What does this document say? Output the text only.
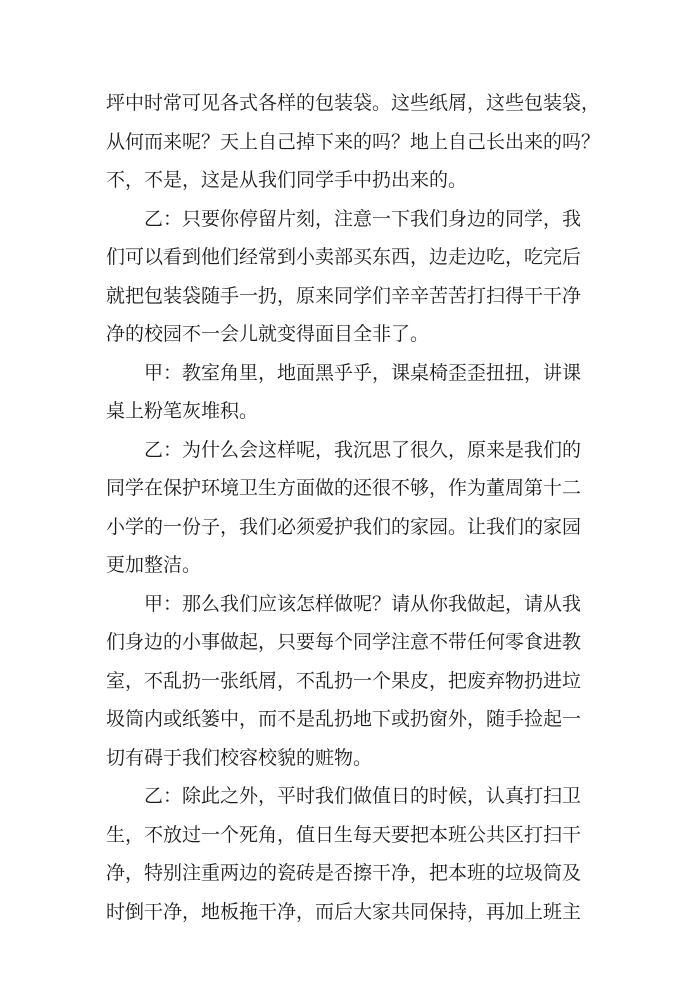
坪中时常可见各式各样的包装袋。这些纸屑，这些包装袋，
从何而来呢？天上自己掉下来的吗？地上自己长出来的吗？
不，不是，这是从我们同学手中扔出来的。
　　乙：只要你停留片刻，注意一下我们身边的同学，我
们可以看到他们经常到小卖部买东西，边走边吃，吃完后
就把包装袋随手一扔，原来同学们辛辛苦苦打扫得干干净
净的校园不一会儿就变得面目全非了。
　　甲：教室角里，地面黑乎乎，课桌椅歪歪扭扭，讲课
桌上粉笔灰堆积。
　　乙：为什么会这样呢，我沉思了很久，原来是我们的
同学在保护环境卫生方面做的还很不够，作为董周第十二
小学的一份子，我们必须爱护我们的家园。让我们的家园
更加整洁。
　　甲：那么我们应该怎样做呢？请从你我做起，请从我
们身边的小事做起，只要每个同学注意不带任何零食进教
室，不乱扔一张纸屑，不乱扔一个果皮，把废弃物扔进垃
圾筒内或纸篓中，而不是乱扔地下或扔窗外，随手捡起一
切有碍于我们校容校貌的赃物。
　　乙：除此之外，平时我们做值日的时候，认真打扫卫
生，不放过一个死角，值日生每天要把本班公共区打扫干
净，特别注重两边的瓷砖是否擦干净，把本班的垃圾筒及
时倒干净，地板拖干净，而后大家共同保持，再加上班主
